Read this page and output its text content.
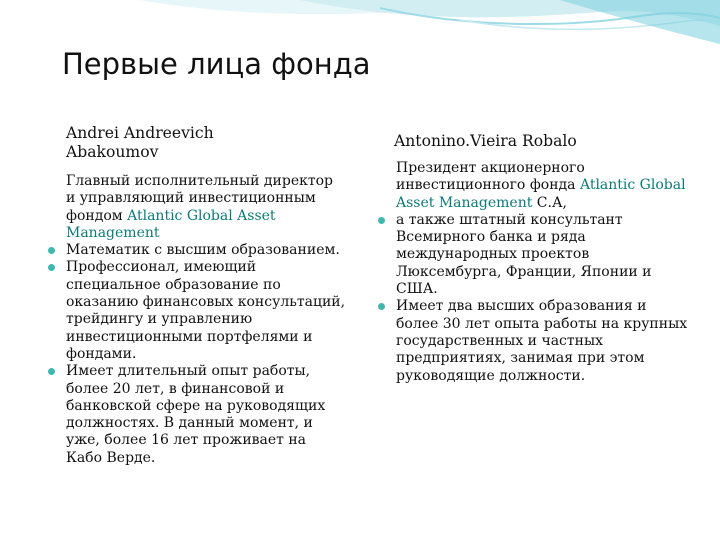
Первые лица фонда
Andrei Andreevich Abakoumov
Главный исполнительный директор и управляющий инвестиционным фондом Atlantic Global Asset Management
Математик с высшим образованием.
Профессионал, имеющий специальное образование по оказанию финансовых консультаций, трейдингу и управлению инвестиционными портфелями и фондами.
Имеет длительный опыт работы, более 20 лет, в финансовой и банковской сфере на руководящих должностях. В данный момент, и уже, более 16 лет проживает на Кабо Верде.
Antonino.Vieira Robalo
Президент акционерного инвестиционного фонда Atlantic Global Asset Management С.А,
а также штатный консультант Всемирного банка и ряда международных проектов Люксембурга, Франции, Японии и США.
Имеет два высших образования и более 30 лет опыта работы на крупных государственных и частных предприятиях, занимая при этом руководящие должности.
